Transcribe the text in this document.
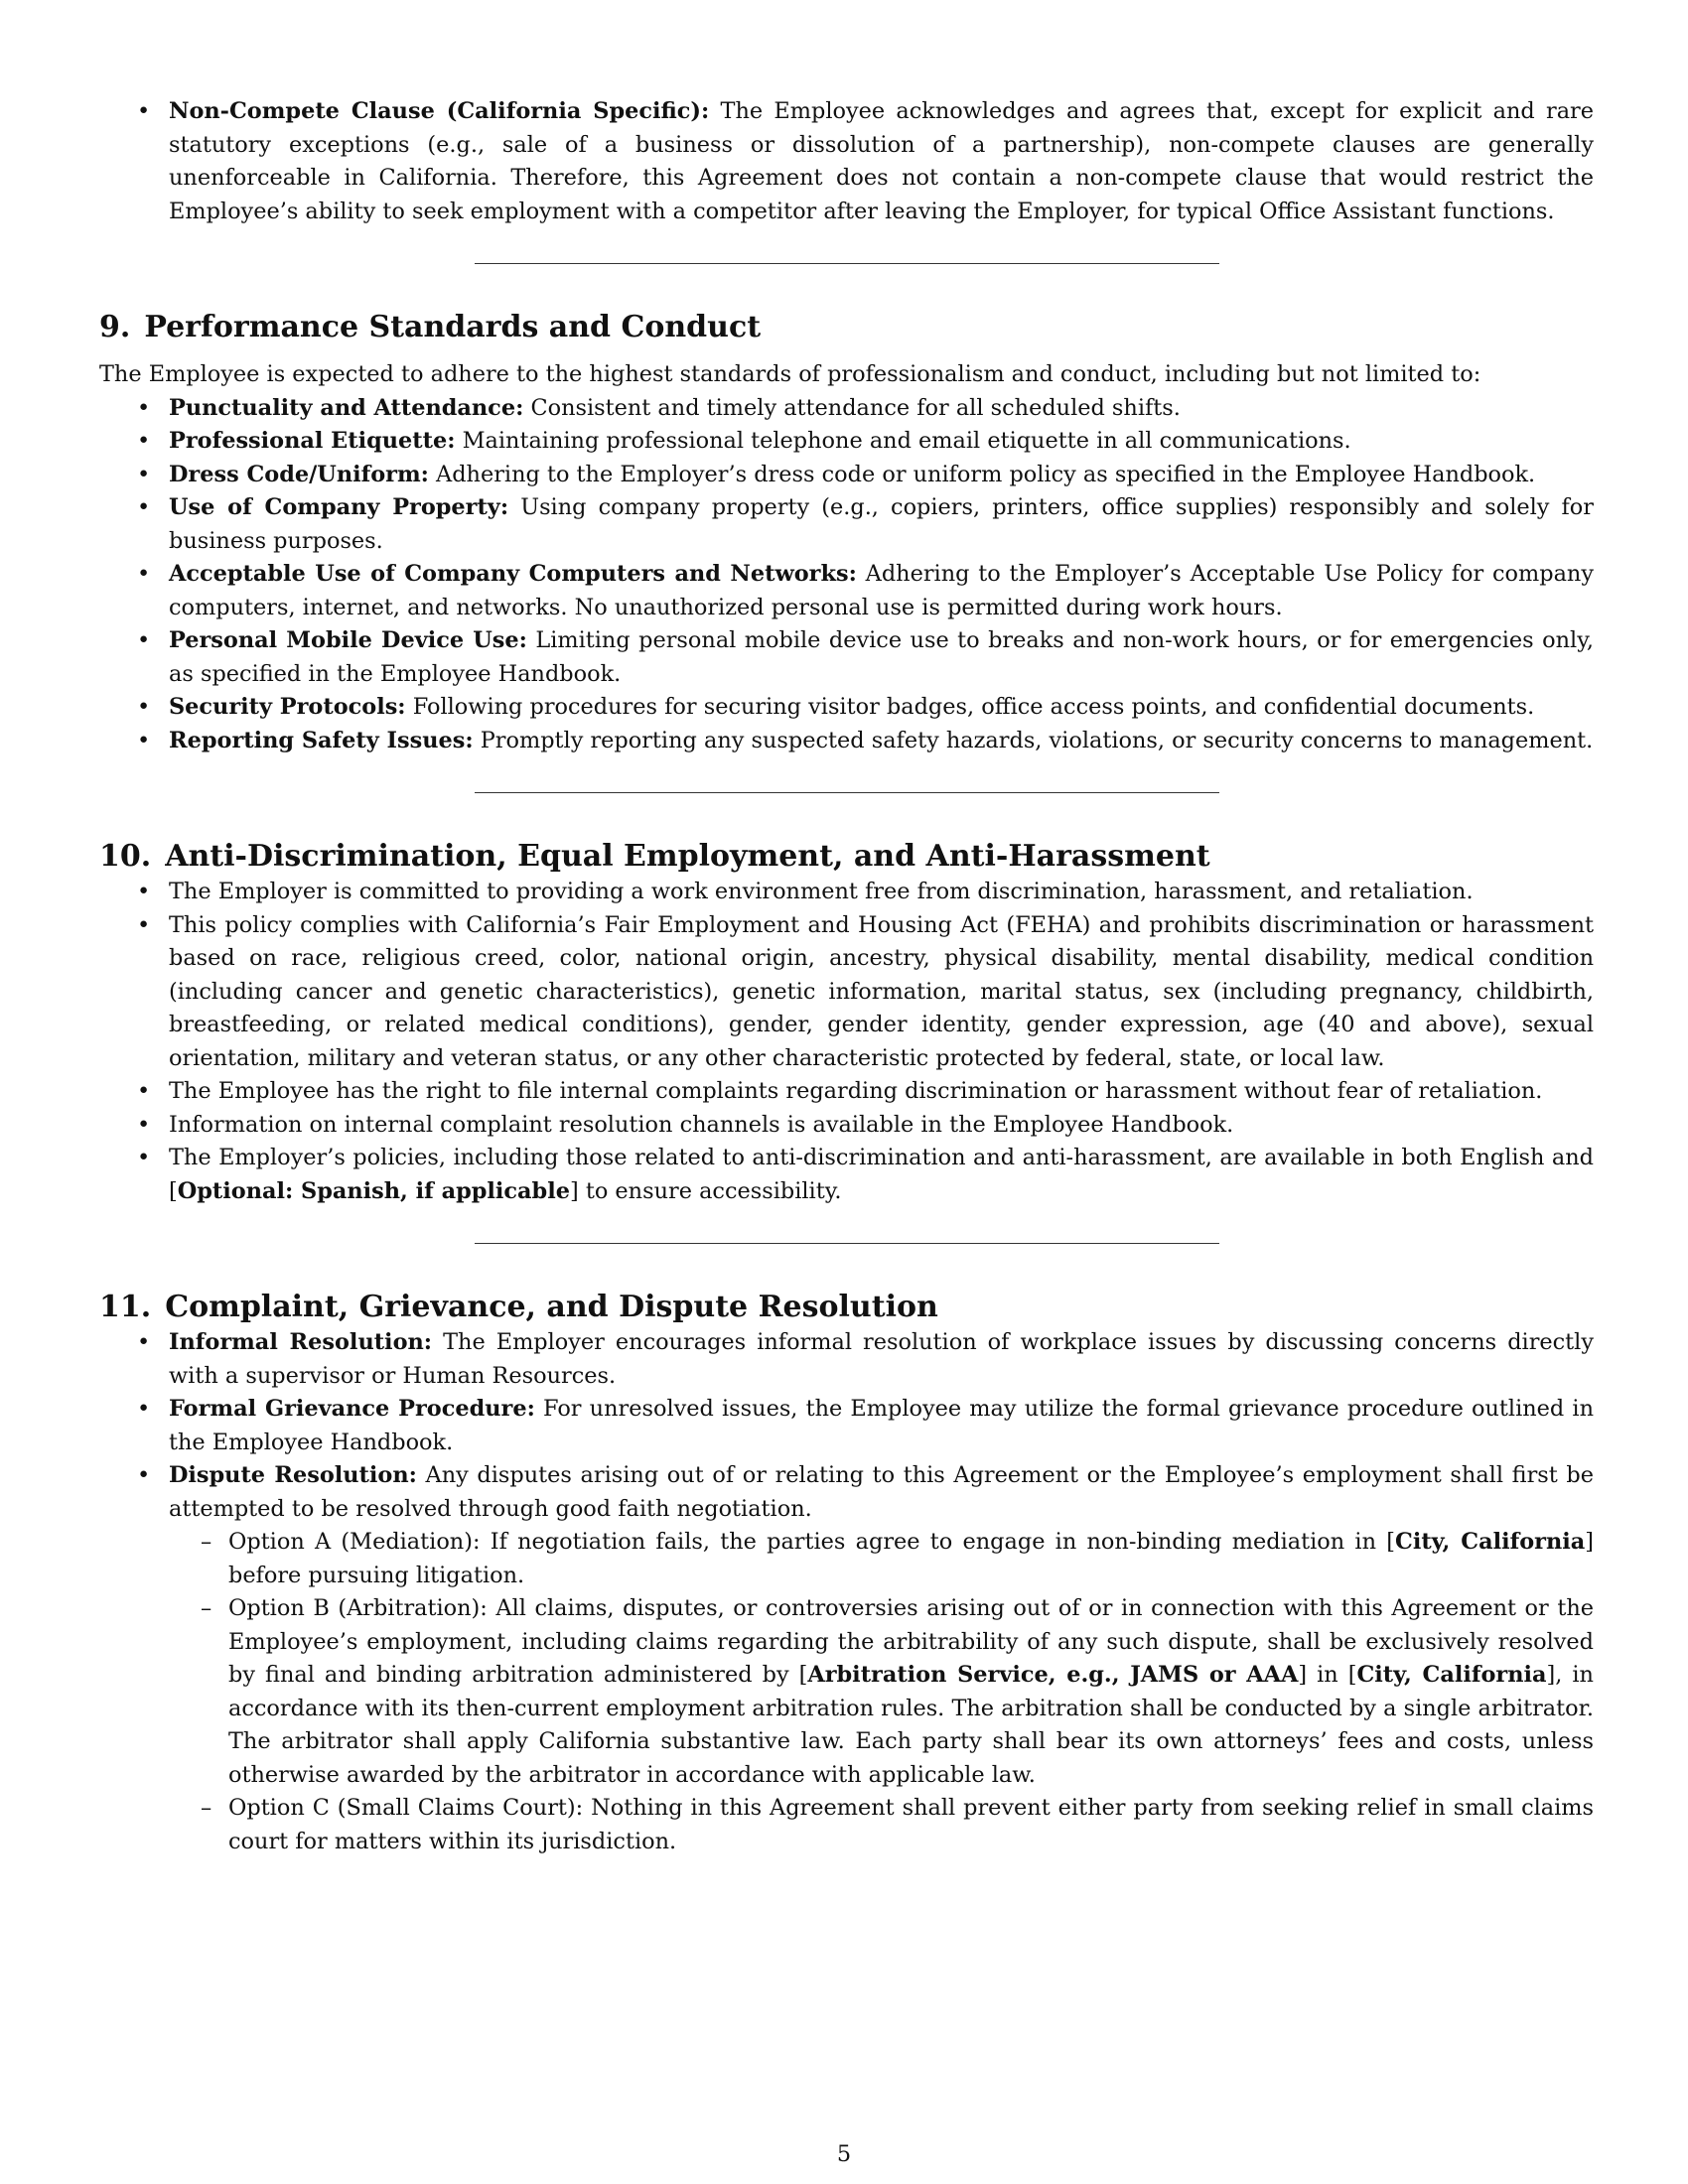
• Non-Compete Clause (California Specific): The Employee acknowledges and agrees that, except for explicit and rare statutory exceptions (e.g., sale of a business or dissolution of a partnership), non-compete clauses are generally unenforceable in California. Therefore, this Agreement does not contain a non-compete clause that would restrict the Employee’s ability to seek employment with a competitor after leaving the Employer, for typical Office Assistant functions.
9. Performance Standards and Conduct

The Employee is expected to adhere to the highest standards of professionalism and conduct, including but not limited to:

• Punctuality and Attendance: Consistent and timely attendance for all scheduled shifts.
• Professional Etiquette: Maintaining professional telephone and email etiquette in all communications.
• Dress Code/Uniform: Adhering to the Employer’s dress code or uniform policy as specified in the Employee Handbook.
• Use of Company Property: Using company property (e.g., copiers, printers, office supplies) responsibly and solely for business purposes.
• Acceptable Use of Company Computers and Networks: Adhering to the Employer’s Acceptable Use Policy for company computers, internet, and networks. No unauthorized personal use is permitted during work hours.
• Personal Mobile Device Use: Limiting personal mobile device use to breaks and non-work hours, or for emergencies only, as specified in the Employee Handbook.
• Security Protocols: Following procedures for securing visitor badges, office access points, and confidential documents.
• Reporting Safety Issues: Promptly reporting any suspected safety hazards, violations, or security concerns to management.
10. Anti-Discrimination, Equal Employment, and Anti-Harassment
• The Employer is committed to providing a work environment free from discrimination, harassment, and retaliation.
• This policy complies with California’s Fair Employment and Housing Act (FEHA) and prohibits discrimination or harassment based on race, religious creed, color, national origin, ancestry, physical disability, mental disability, medical condition (including cancer and genetic characteristics), genetic information, marital status, sex (including pregnancy, childbirth, breastfeeding, or related medical conditions), gender, gender identity, gender expression, age (40 and above), sexual orientation, military and veteran status, or any other characteristic protected by federal, state, or local law.
• The Employee has the right to file internal complaints regarding discrimination or harassment without fear of retaliation.
• Information on internal complaint resolution channels is available in the Employee Handbook.
• The Employer’s policies, including those related to anti-discrimination and anti-harassment, are available in both English and [Optional: Spanish, if applicable] to ensure accessibility.
11. Complaint, Grievance, and Dispute Resolution
• Informal Resolution: The Employer encourages informal resolution of workplace issues by discussing concerns directly with a supervisor or Human Resources.
• Formal Grievance Procedure: For unresolved issues, the Employee may utilize the formal grievance procedure outlined in the Employee Handbook.
• Dispute Resolution: Any disputes arising out of or relating to this Agreement or the Employee’s employment shall first be attempted to be resolved through good faith negotiation.
– Option A (Mediation): If negotiation fails, the parties agree to engage in non-binding mediation in [City, California] before pursuing litigation.
– Option B (Arbitration): All claims, disputes, or controversies arising out of or in connection with this Agreement or the Employee’s employment, including claims regarding the arbitrability of any such dispute, shall be exclusively resolved by final and binding arbitration administered by [Arbitration Service, e.g., JAMS or AAA] in [City, California], in accordance with its then-current employment arbitration rules. The arbitration shall be conducted by a single arbitrator. The arbitrator shall apply California substantive law. Each party shall bear its own attorneys’ fees and costs, unless otherwise awarded by the arbitrator in accordance with applicable law.
– Option C (Small Claims Court): Nothing in this Agreement shall prevent either party from seeking relief in small claims court for matters within its jurisdiction.
5
